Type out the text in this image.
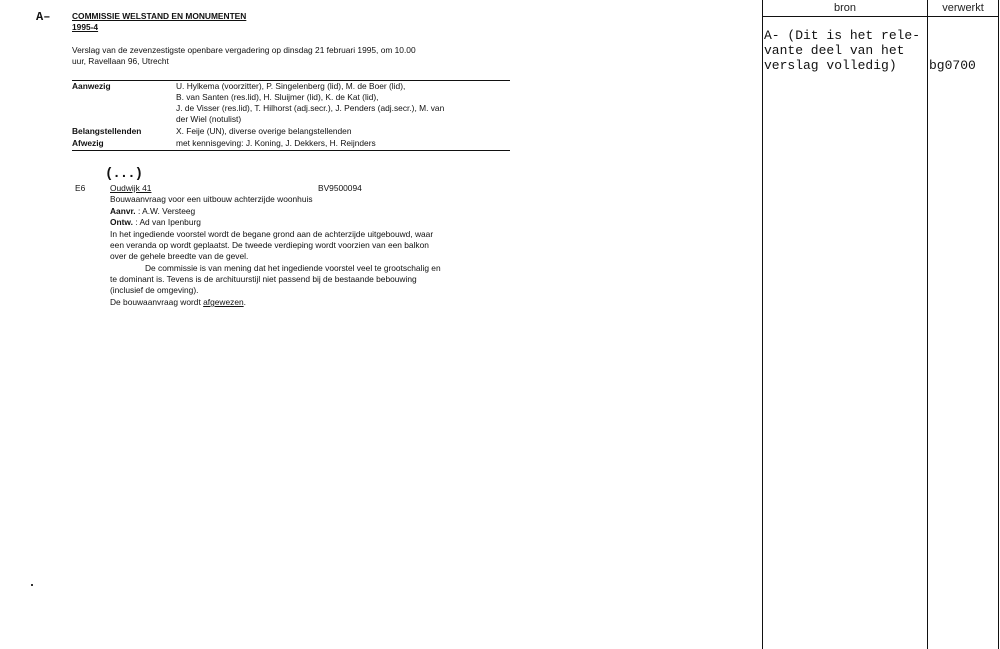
A–	COMMISSIE WELSTAND EN MONUMENTEN
1995-4
Verslag van de zevenzestigste openbare vergadering op dinsdag 21 februari 1995, om 10.00
uur, Ravellaan 96, Utrecht
Aanwezig	U. Hylkema (voorzitter), P. Singelenberg (lid), M. de Boer (lid),
B. van Santen (res.lid), H. Sluijmer (lid), K. de Kat (lid),
J. de Visser (res.lid), T. Hilhorst (adj.secr.), J. Penders (adj.secr.), M. van
der Wiel (notulist)
Belangstellenden	X. Feije (UN), diverse overige belangstellenden
Afwezig	met kennisgeving: J. Koning, J. Dekkers, H. Reijnders
(...)
E6	Oudwijk 41	BV9500094
Bouwaanvraag voor een uitbouw achterzijde woonhuis
Aanvr. : A.W. Versteeg
Ontw. : Ad van Ipenburg
In het ingediende voorstel wordt de begane grond aan de achterzijde uitgebouwd, waar
een veranda op wordt geplaatst. De tweede verdieping wordt voorzien van een balkon
over de gehele breedte van de gevel.
De commissie is van mening dat het ingediende voorstel veel te grootschalig en
te dominant is. Tevens is de archituurstijl niet passend bij de bestaande bebouwing
(inclusief de omgeving).
De bouwaanvraag wordt afgewezen.
bron	verwerkt
A- (Dit is het rele-
vante deel van het
verslag volledig)	bg0700
